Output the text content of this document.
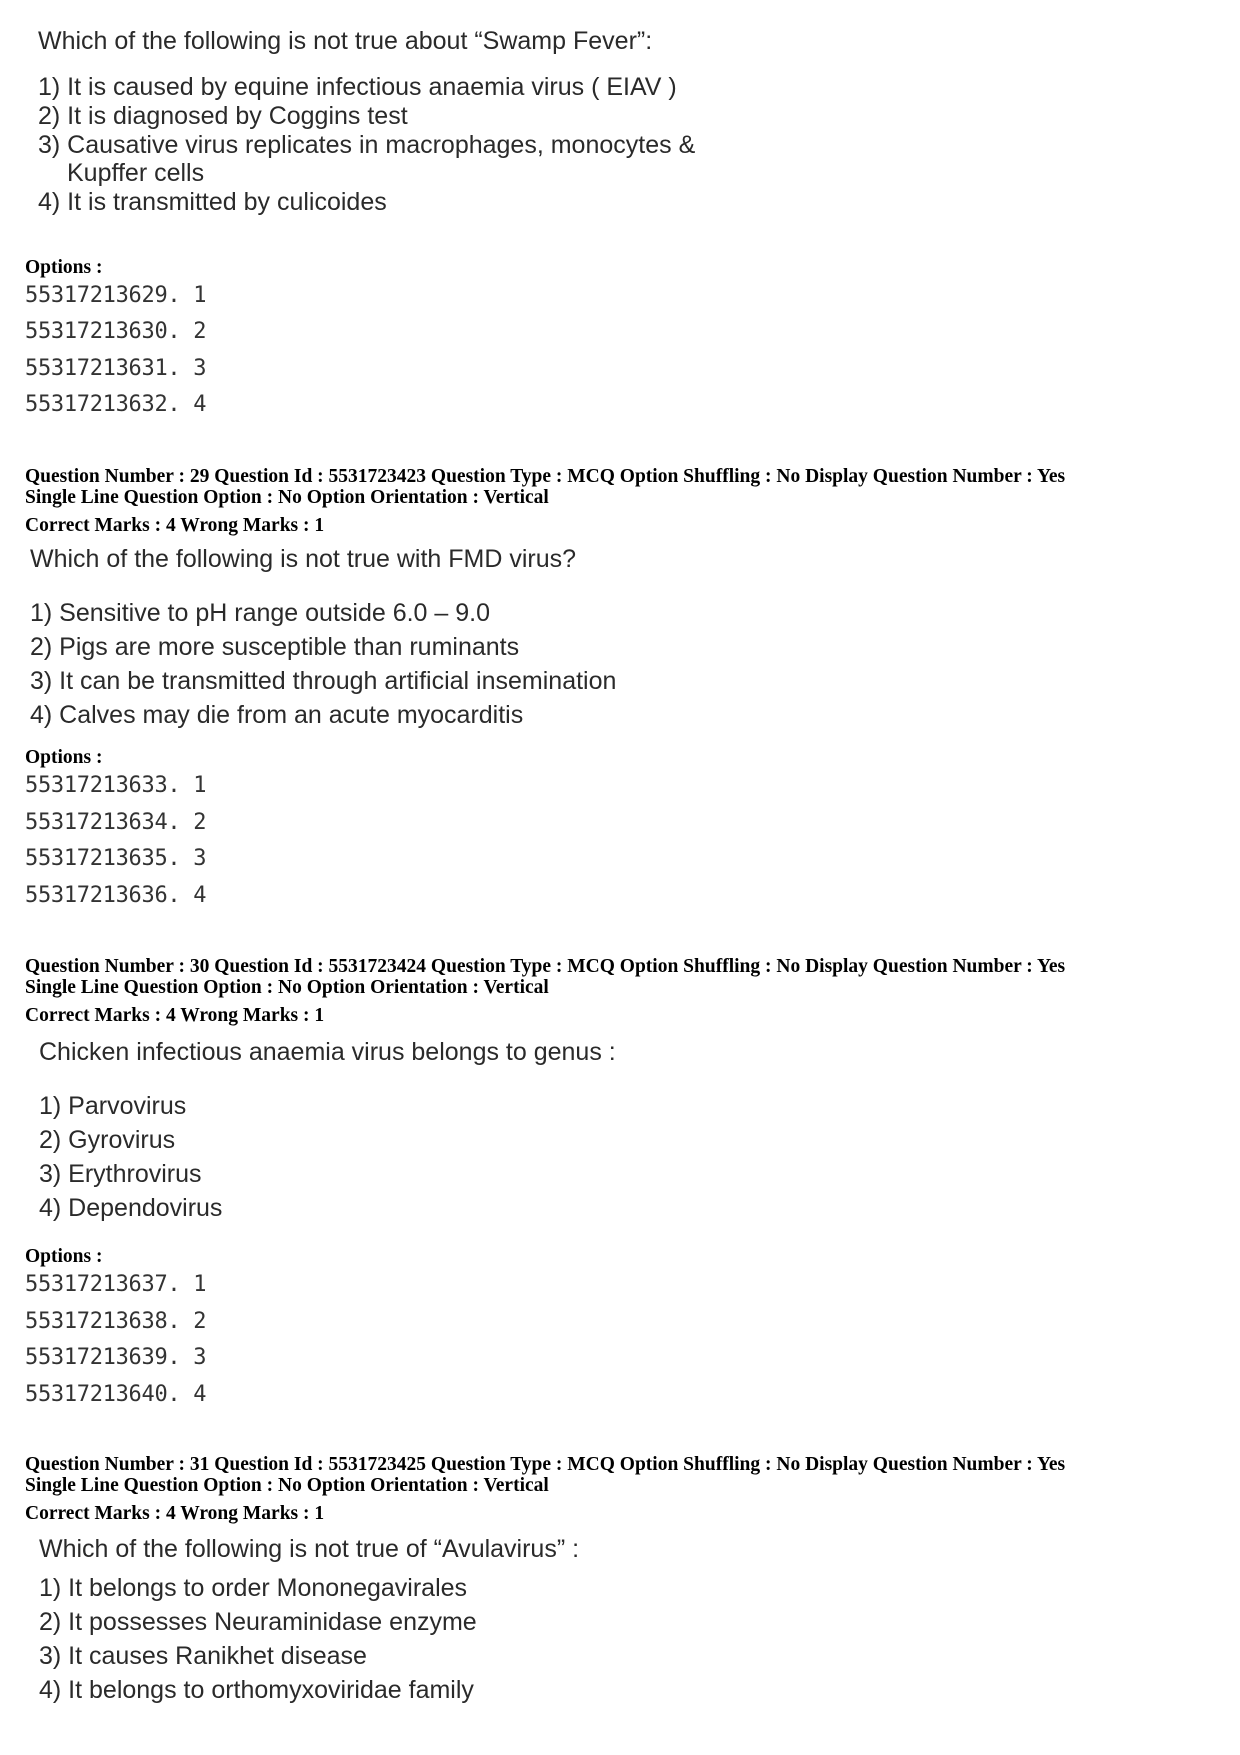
Which of the following is not true about “Swamp Fever”:
1) It is caused by equine infectious anaemia virus ( EIAV )
2) It is diagnosed by Coggins test
3) Causative virus replicates in macrophages, monocytes &
Kupffer cells
4) It is transmitted by culicoides
Options :
55317213629. 1
55317213630. 2
55317213631. 3
55317213632. 4
Question Number : 29 Question Id : 5531723423 Question Type : MCQ Option Shuffling : No Display Question Number : Yes
Single Line Question Option : No Option Orientation : Vertical
Correct Marks : 4 Wrong Marks : 1
Which of the following is not true with FMD virus?
1) Sensitive to pH range outside 6.0 – 9.0
2) Pigs are more susceptible than ruminants
3) It can be transmitted through artificial insemination
4) Calves may die from an acute myocarditis
Options :
55317213633. 1
55317213634. 2
55317213635. 3
55317213636. 4
Question Number : 30 Question Id : 5531723424 Question Type : MCQ Option Shuffling : No Display Question Number : Yes
Single Line Question Option : No Option Orientation : Vertical
Correct Marks : 4 Wrong Marks : 1
Chicken infectious anaemia virus belongs to genus :
1) Parvovirus
2) Gyrovirus
3) Erythrovirus
4) Dependovirus
Options :
55317213637. 1
55317213638. 2
55317213639. 3
55317213640. 4
Question Number : 31 Question Id : 5531723425 Question Type : MCQ Option Shuffling : No Display Question Number : Yes
Single Line Question Option : No Option Orientation : Vertical
Correct Marks : 4 Wrong Marks : 1
Which of the following is not true of “Avulavirus” :
1) It belongs to order Mononegavirales
2) It possesses Neuraminidase enzyme
3) It causes Ranikhet disease
4) It belongs to orthomyxoviridae family
